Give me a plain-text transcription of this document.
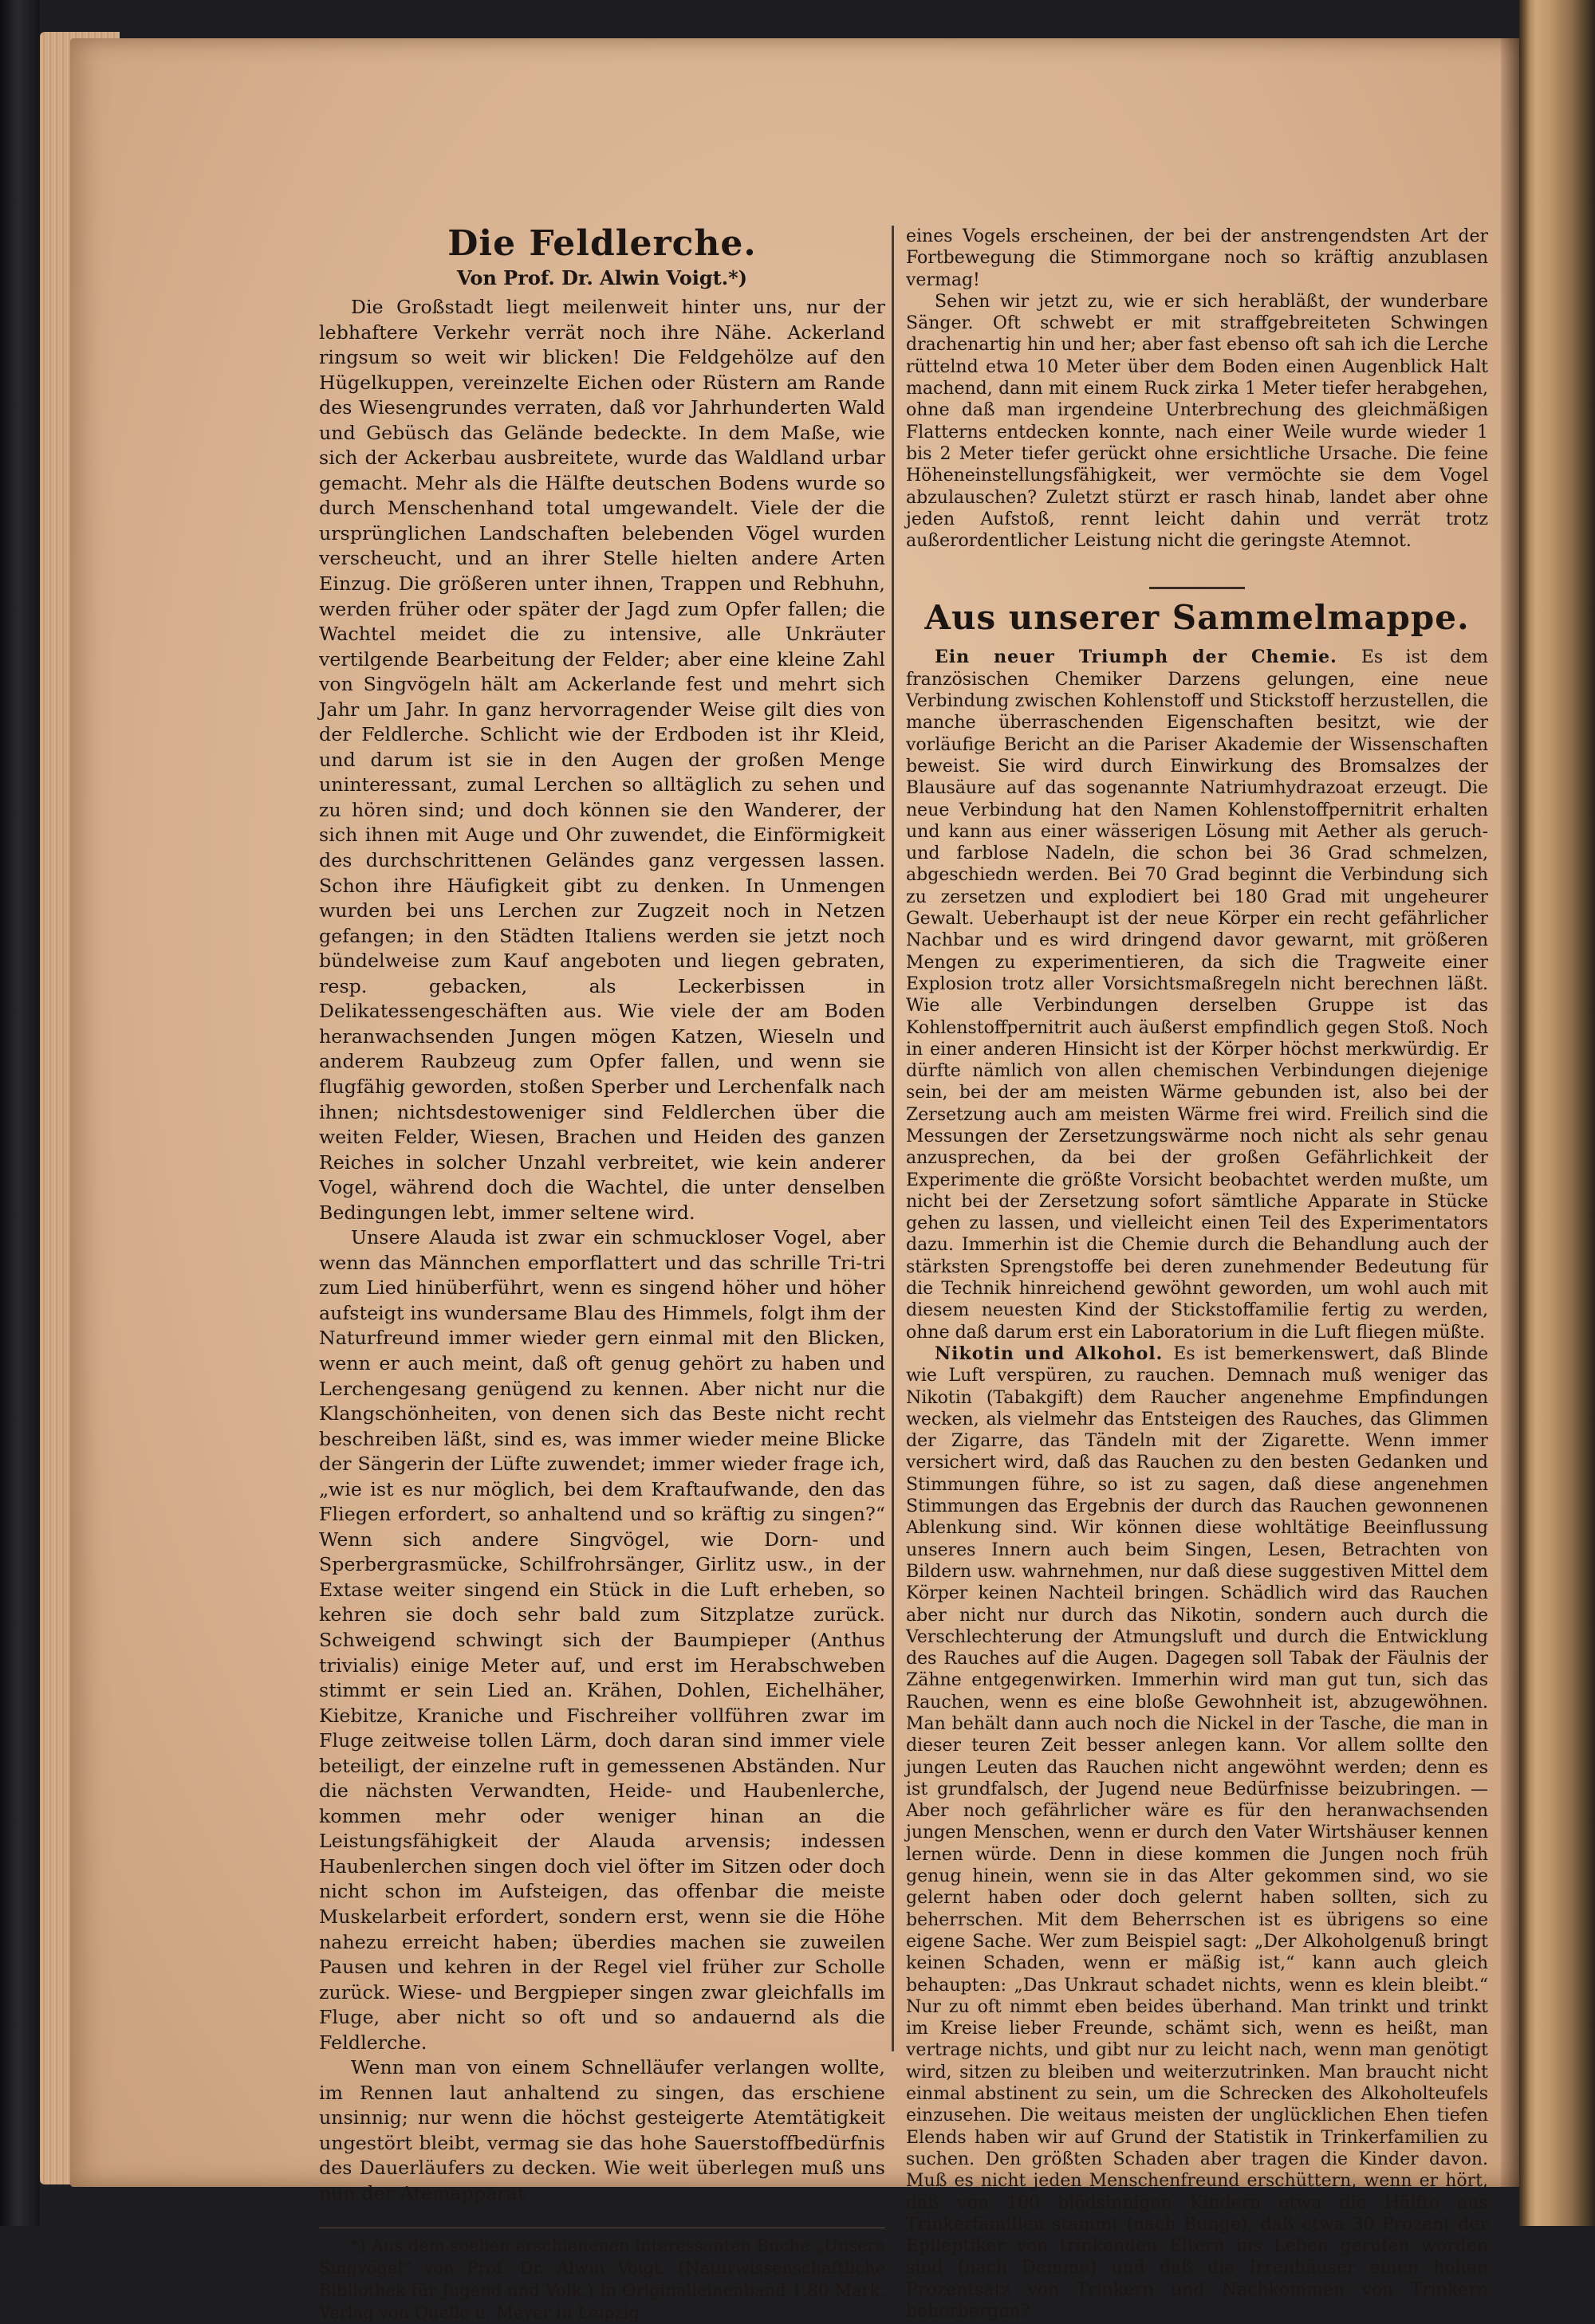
Die Feldlerche.
Von Prof. Dr. Alwin Voigt.*)

Die Großstadt liegt meilenweit hinter uns, nur der lebhaftere Verkehr verrät noch ihre Nähe. Ackerland ringsum so weit wir blicken! Die Feldgehölze auf den Hügelkuppen, vereinzelte Eichen oder Rüstern am Rande des Wiesengrundes verraten, daß vor Jahrhunderten Wald und Gebüsch das Gelände bedeckte. In dem Maße, wie sich der Ackerbau ausbreitete, wurde das Waldland urbar gemacht. Mehr als die Hälfte deutschen Bodens wurde so durch Menschenhand total umgewandelt. Viele der die ursprünglichen Landschaften belebenden Vögel wurden verscheucht, und an ihrer Stelle hielten andere Arten Einzug. Die größeren unter ihnen, Trappen und Rebhuhn, werden früher oder später der Jagd zum Opfer fallen; die Wachtel meidet die zu intensive, alle Unkräuter vertilgende Bearbeitung der Felder; aber eine kleine Zahl von Singvögeln hält am Ackerlande fest und mehrt sich Jahr um Jahr. In ganz hervorragender Weise gilt dies von der Feldlerche. Schlicht wie der Erdboden ist ihr Kleid, und darum ist sie in den Augen der großen Menge uninteressant, zumal Lerchen so alltäglich zu sehen und zu hören sind; und doch können sie den Wanderer, der sich ihnen mit Auge und Ohr zuwendet, die Einförmigkeit des durchschrittenen Geländes ganz vergessen lassen. Schon ihre Häufigkeit gibt zu denken. In Unmengen wurden bei uns Lerchen zur Zugzeit noch in Netzen gefangen; in den Städten Italiens werden sie jetzt noch bündelweise zum Kauf angeboten und liegen gebraten, resp. gebacken, als Leckerbissen in Delikatessengeschäften aus. Wie viele der am Boden heranwachsenden Jungen mögen Katzen, Wieseln und anderem Raubzeug zum Opfer fallen, und wenn sie flugfähig geworden, stoßen Sperber und Lerchenfalk nach ihnen; nichtsdestoweniger sind Feldlerchen über die weiten Felder, Wiesen, Brachen und Heiden des ganzen Reiches in solcher Unzahl verbreitet, wie kein anderer Vogel, während doch die Wachtel, die unter denselben Bedingungen lebt, immer seltene wird.

Unsere Alauda ist zwar ein schmuckloser Vogel, aber wenn das Männchen emporflattert und das schrille Tri-tri zum Lied hinüberführt, wenn es singend höher und höher aufsteigt ins wundersame Blau des Himmels, folgt ihm der Naturfreund immer wieder gern einmal mit den Blicken, wenn er auch meint, daß oft genug gehört zu haben und Lerchengesang genügend zu kennen. Aber nicht nur die Klangschönheiten, von denen sich das Beste nicht recht beschreiben läßt, sind es, was immer wieder meine Blicke der Sängerin der Lüfte zuwendet; immer wieder frage ich, „wie ist es nur möglich, bei dem Kraftaufwande, den das Fliegen erfordert, so anhaltend und so kräftig zu singen?“ Wenn sich andere Singvögel, wie Dorn- und Sperbergrasmücke, Schilfrohrsänger, Girlitz usw., in der Extase weiter singend ein Stück in die Luft erheben, so kehren sie doch sehr bald zum Sitzplatze zurück. Schweigend schwingt sich der Baumpieper (Anthus trivialis) einige Meter auf, und erst im Herabschweben stimmt er sein Lied an. Krähen, Dohlen, Eichelhäher, Kiebitze, Kraniche und Fischreiher vollführen zwar im Fluge zeitweise tollen Lärm, doch daran sind immer viele beteiligt, der einzelne ruft in gemessenen Abständen. Nur die nächsten Verwandten, Heide- und Haubenlerche, kommen mehr oder weniger hinan an die Leistungsfähigkeit der Alauda arvensis; indessen Haubenlerchen singen doch viel öfter im Sitzen oder doch nicht schon im Aufsteigen, das offenbar die meiste Muskelarbeit erfordert, sondern erst, wenn sie die Höhe nahezu erreicht haben; überdies machen sie zuweilen Pausen und kehren in der Regel viel früher zur Scholle zurück. Wiese- und Bergpieper singen zwar gleichfalls im Fluge, aber nicht so oft und so andauernd als die Feldlerche.

Wenn man von einem Schnelläufer verlangen wollte, im Rennen laut anhaltend zu singen, das erschiene unsinnig; nur wenn die höchst gesteigerte Atemtätigkeit ungestört bleibt, vermag sie das hohe Sauerstoffbedürfnis des Dauerläufers zu decken. Wie weit überlegen muß uns nun der Atemapparat

*) Aus dem soeben erschienenen interessanten Buche „Unsere Singvögel“ von Prof. Dr. Alwin Voigt. (Naturwissenschaftliche Bibliothek für Jugend und Volk.) In Originalleinenband 1.80 Mark. Verlag von Quelle u. Meyer in Leipzig.

eines Vogels erscheinen, der bei der anstrengendsten Art der Fortbewegung die Stimmorgane noch so kräftig anzublasen vermag!

Sehen wir jetzt zu, wie er sich herabläßt, der wunderbare Sänger. Oft schwebt er mit straffgebreiteten Schwingen drachenartig hin und her; aber fast ebenso oft sah ich die Lerche rüttelnd etwa 10 Meter über dem Boden einen Augenblick Halt machend, dann mit einem Ruck zirka 1 Meter tiefer herabgehen, ohne daß man irgendeine Unterbrechung des gleichmäßigen Flatterns entdecken konnte, nach einer Weile wurde wieder 1 bis 2 Meter tiefer gerückt ohne ersichtliche Ursache. Die feine Höheneinstellungsfähigkeit, wer vermöchte sie dem Vogel abzulauschen? Zuletzt stürzt er rasch hinab, landet aber ohne jeden Aufstoß, rennt leicht dahin und verrät trotz außerordentlicher Leistung nicht die geringste Atemnot.

Aus unserer Sammelmappe.

Ein neuer Triumph der Chemie. Es ist dem französischen Chemiker Darzens gelungen, eine neue Verbindung zwischen Kohlenstoff und Stickstoff herzustellen, die manche überraschenden Eigenschaften besitzt, wie der vorläufige Bericht an die Pariser Akademie der Wissenschaften beweist. Sie wird durch Einwirkung des Bromsalzes der Blausäure auf das sogenannte Natriumhydrazoat erzeugt. Die neue Verbindung hat den Namen Kohlenstoffpernitrit erhalten und kann aus einer wässerigen Lösung mit Aether als geruch- und farblose Nadeln, die schon bei 36 Grad schmelzen, abgeschiedn werden. Bei 70 Grad beginnt die Verbindung sich zu zersetzen und explodiert bei 180 Grad mit ungeheurer Gewalt. Ueberhaupt ist der neue Körper ein recht gefährlicher Nachbar und es wird dringend davor gewarnt, mit größeren Mengen zu experimentieren, da sich die Tragweite einer Explosion trotz aller Vorsichtsmaßregeln nicht berechnen läßt. Wie alle Verbindungen derselben Gruppe ist das Kohlenstoffpernitrit auch äußerst empfindlich gegen Stoß. Noch in einer anderen Hinsicht ist der Körper höchst merkwürdig. Er dürfte nämlich von allen chemischen Verbindungen diejenige sein, bei der am meisten Wärme gebunden ist, also bei der Zersetzung auch am meisten Wärme frei wird. Freilich sind die Messungen der Zersetzungswärme noch nicht als sehr genau anzusprechen, da bei der großen Gefährlichkeit der Experimente die größte Vorsicht beobachtet werden mußte, um nicht bei der Zersetzung sofort sämtliche Apparate in Stücke gehen zu lassen, und vielleicht einen Teil des Experimentators dazu. Immerhin ist die Chemie durch die Behandlung auch der stärksten Sprengstoffe bei deren zunehmender Bedeutung für die Technik hinreichend gewöhnt geworden, um wohl auch mit diesem neuesten Kind der Stickstoffamilie fertig zu werden, ohne daß darum erst ein Laboratorium in die Luft fliegen müßte.

Nikotin und Alkohol. Es ist bemerkenswert, daß Blinde wie Luft verspüren, zu rauchen. Demnach muß weniger das Nikotin (Tabakgift) dem Raucher angenehme Empfindungen wecken, als vielmehr das Entsteigen des Rauches, das Glimmen der Zigarre, das Tändeln mit der Zigarette. Wenn immer versichert wird, daß das Rauchen zu den besten Gedanken und Stimmungen führe, so ist zu sagen, daß diese angenehmen Stimmungen das Ergebnis der durch das Rauchen gewonnenen Ablenkung sind. Wir können diese wohltätige Beeinflussung unseres Innern auch beim Singen, Lesen, Betrachten von Bildern usw. wahrnehmen, nur daß diese suggestiven Mittel dem Körper keinen Nachteil bringen. Schädlich wird das Rauchen aber nicht nur durch das Nikotin, sondern auch durch die Verschlechterung der Atmungsluft und durch die Entwicklung des Rauches auf die Augen. Dagegen soll Tabak der Fäulnis der Zähne entgegenwirken. Immerhin wird man gut tun, sich das Rauchen, wenn es eine bloße Gewohnheit ist, abzugewöhnen. Man behält dann auch noch die Nickel in der Tasche, die man in dieser teuren Zeit besser anlegen kann. Vor allem sollte den jungen Leuten das Rauchen nicht angewöhnt werden; denn es ist grundfalsch, der Jugend neue Bedürfnisse beizubringen. — Aber noch gefährlicher wäre es für den heranwachsenden jungen Menschen, wenn er durch den Vater Wirtshäuser kennen lernen würde. Denn in diese kommen die Jungen noch früh genug hinein, wenn sie in das Alter gekommen sind, wo sie gelernt haben oder doch gelernt haben sollten, sich zu beherrschen. Mit dem Beherrschen ist es übrigens so eine eigene Sache. Wer zum Beispiel sagt: „Der Alkoholgenuß bringt keinen Schaden, wenn er mäßig ist,“ kann auch gleich behaupten: „Das Unkraut schadet nichts, wenn es klein bleibt.“ Nur zu oft nimmt eben beides überhand. Man trinkt und trinkt im Kreise lieber Freunde, schämt sich, wenn es heißt, man vertrage nichts, und gibt nur zu leicht nach, wenn man genötigt wird, sitzen zu bleiben und weiterzutrinken. Man braucht nicht einmal abstinent zu sein, um die Schrecken des Alkoholteufels einzusehen. Die weitaus meisten der unglücklichen Ehen tiefen Elends haben wir auf Grund der Statistik in Trinkerfamilien zu suchen. Den größten Schaden aber tragen die Kinder davon. Muß es nicht jeden Menschenfreund erschüttern, wenn er hört, daß von 100 blödsinnigen Kindern etwa die Hälfte aus Trinkerfamilien stammt (nach Bunge), daß etwa 30 Prozent der Epileptiker von trinkenden Eltern ins Leben gerufen worden sind (nach Demme) und daß die Irrenhäuser einen hohen Prozentsatz von Trinkern und Nachkommen von Trinkern beherbergen?
